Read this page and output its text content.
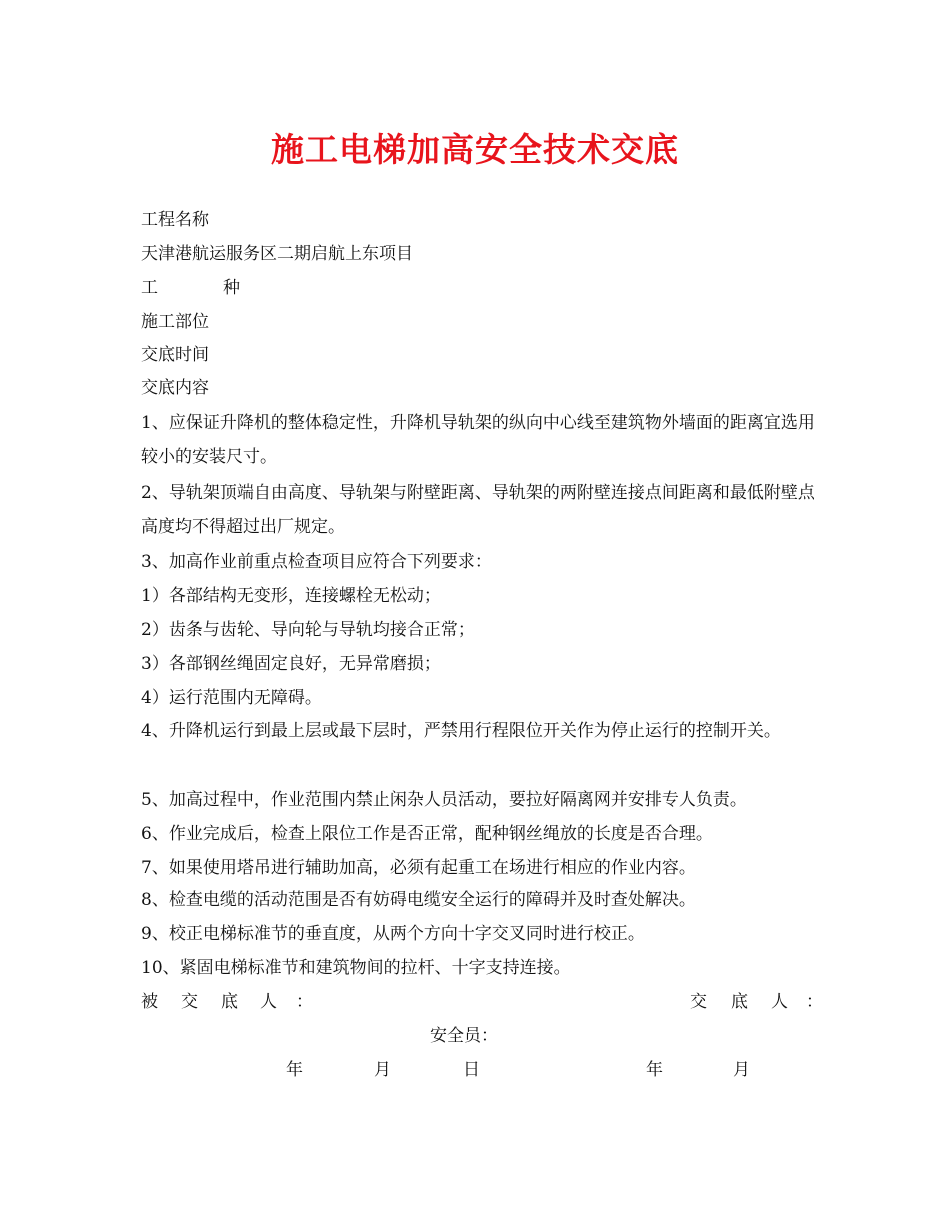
施工电梯加高安全技术交底
工程名称
天津港航运服务区二期启航上东项目
工	种
施工部位
交底时间
交底内容
1、应保证升降机的整体稳定性，升降机导轨架的纵向中心线至建筑物外墙面的距离宜选用较小的安装尺寸。
2、导轨架顶端自由高度、导轨架与附壁距离、导轨架的两附壁连接点间距离和最低附壁点高度均不得超过出厂规定。
3、加高作业前重点检查项目应符合下列要求：
1）各部结构无变形，连接螺栓无松动；
2）齿条与齿轮、导向轮与导轨均接合正常；
3）各部钢丝绳固定良好，无异常磨损；
4）运行范围内无障碍。
4、升降机运行到最上层或最下层时，严禁用行程限位开关作为停止运行的控制开关。
5、加高过程中，作业范围内禁止闲杂人员活动，要拉好隔离网并安排专人负责。
6、作业完成后，检查上限位工作是否正常，配种钢丝绳放的长度是否合理。
7、如果使用塔吊进行辅助加高，必须有起重工在场进行相应的作业内容。
8、检查电缆的活动范围是否有妨碍电缆安全运行的障碍并及时查处解决。
9、校正电梯标准节的垂直度，从两个方向十字交叉同时进行校正。
10、紧固电梯标准节和建筑物间的拉杆、十字支持连接。
被 交 底 人 ：	交 底 人 ：
安全员：
年	月	日	年	月
